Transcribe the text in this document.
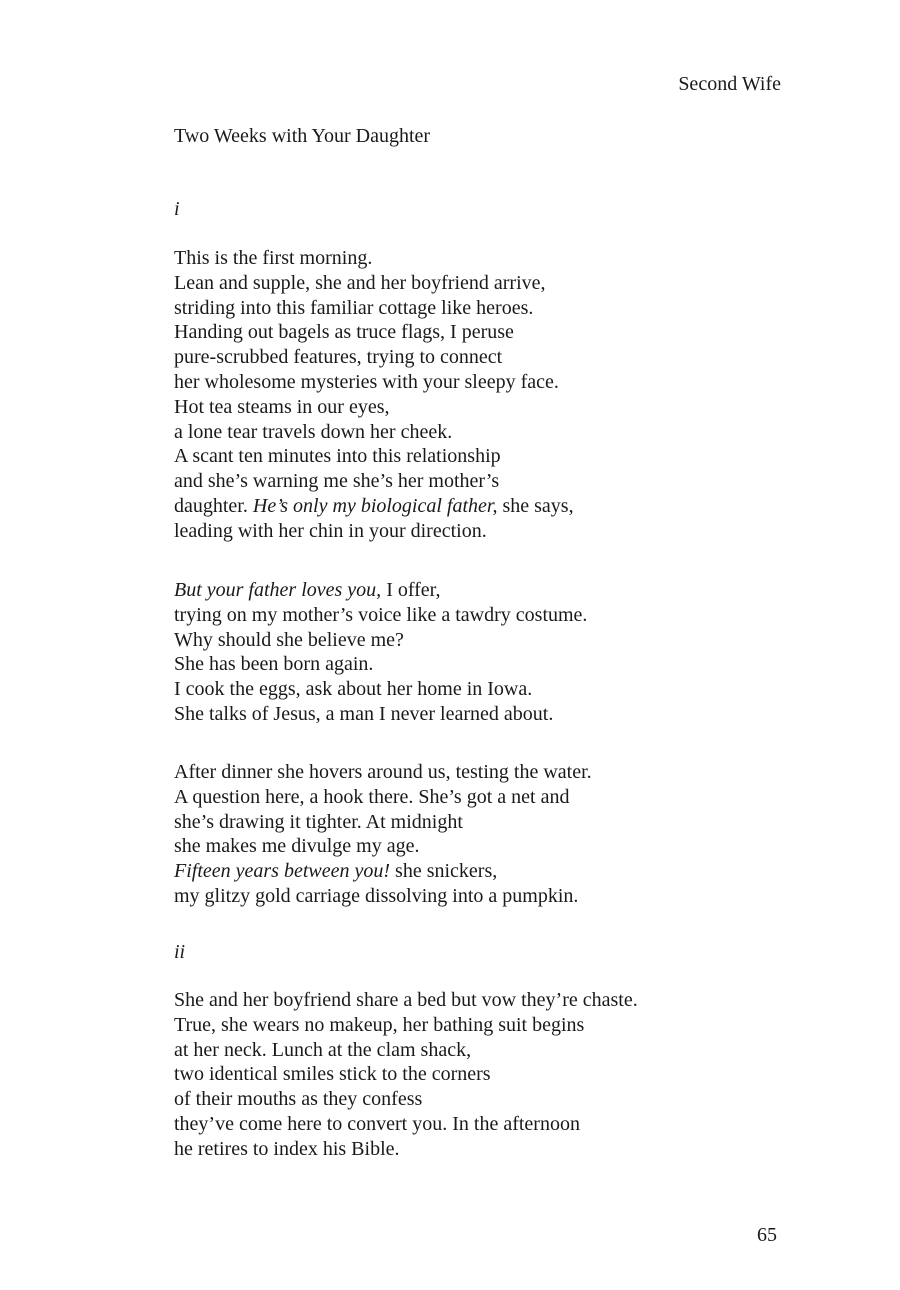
Second Wife
Two Weeks with Your Daughter
i
This is the first morning.
Lean and supple, she and her boyfriend arrive,
striding into this familiar cottage like heroes.
Handing out bagels as truce flags, I peruse
pure-scrubbed features, trying to connect
her wholesome mysteries with your sleepy face.
Hot tea steams in our eyes,
a lone tear travels down her cheek.
A scant ten minutes into this relationship
and she’s warning me she’s her mother’s
daughter. He’s only my biological father, she says,
leading with her chin in your direction.
But your father loves you, I offer,
trying on my mother’s voice like a tawdry costume.
Why should she believe me?
She has been born again.
I cook the eggs, ask about her home in Iowa.
She talks of Jesus, a man I never learned about.
After dinner she hovers around us, testing the water.
A question here, a hook there. She’s got a net and
she’s drawing it tighter. At midnight
she makes me divulge my age.
Fifteen years between you! she snickers,
my glitzy gold carriage dissolving into a pumpkin.
ii
She and her boyfriend share a bed but vow they’re chaste.
True, she wears no makeup, her bathing suit begins
at her neck. Lunch at the clam shack,
two identical smiles stick to the corners
of their mouths as they confess
they’ve come here to convert you. In the afternoon
he retires to index his Bible.
65
